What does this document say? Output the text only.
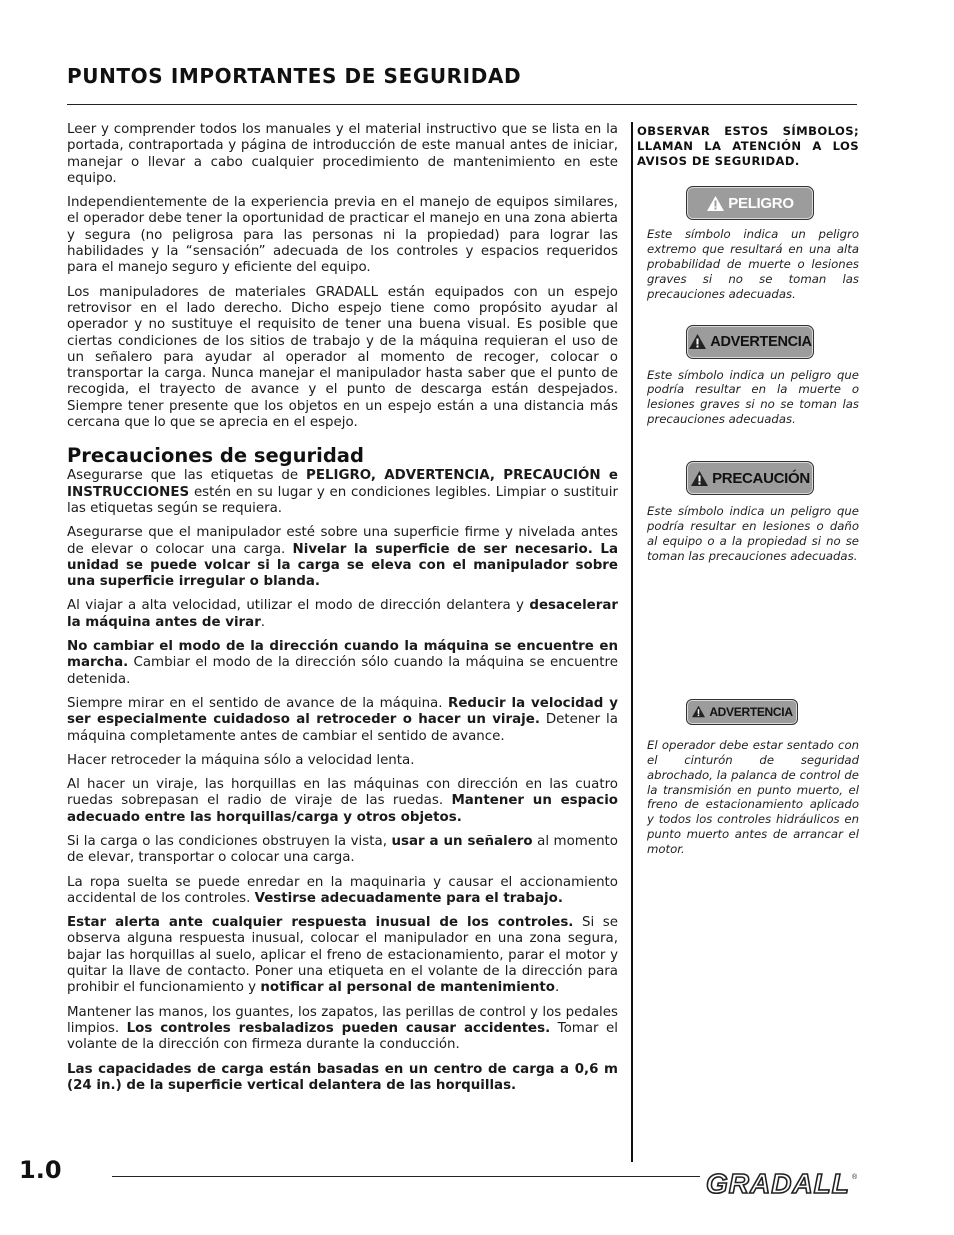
PUNTOS IMPORTANTES DE SEGURIDAD

Leer y comprender todos los manuales y el material instructivo que se lista en la portada, contraportada y página de introducción de este manual antes de iniciar, manejar o llevar a cabo cualquier procedimiento de mantenimiento en este equipo.

Independientemente de la experiencia previa en el manejo de equipos similares, el operador debe tener la oportunidad de practicar el manejo en una zona abierta y segura (no peligrosa para las personas ni la propiedad) para lograr las habilidades y la “sensación” adecuada de los controles y espacios requeridos para el manejo seguro y eficiente del equipo.

Los manipuladores de materiales GRADALL están equipados con un espejo retrovisor en el lado derecho. Dicho espejo tiene como propósito ayudar al operador y no sustituye el requisito de tener una buena visual. Es posible que ciertas condiciones de los sitios de trabajo y de la máquina requieran el uso de un señalero para ayudar al operador al momento de recoger, colocar o transportar la carga. Nunca manejar el manipulador hasta saber que el punto de recogida, el trayecto de avance y el punto de descarga están despejados. Siempre tener presente que los objetos en un espejo están a una distancia más cercana que lo que se aprecia en el espejo.

Precauciones de seguridad

Asegurarse que las etiquetas de PELIGRO, ADVERTENCIA, PRECAUCIÓN e INSTRUCCIONES estén en su lugar y en condiciones legibles. Limpiar o sustituir las etiquetas según se requiera.

Asegurarse que el manipulador esté sobre una superficie firme y nivelada antes de elevar o colocar una carga. Nivelar la superficie de ser necesario. La unidad se puede volcar si la carga se eleva con el manipulador sobre una superficie irregular o blanda.

Al viajar a alta velocidad, utilizar el modo de dirección delantera y desacelerar la máquina antes de virar.

No cambiar el modo de la dirección cuando la máquina se encuentre en marcha. Cambiar el modo de la dirección sólo cuando la máquina se encuentre detenida.

Siempre mirar en el sentido de avance de la máquina. Reducir la velocidad y ser especialmente cuidadoso al retroceder o hacer un viraje. Detener la máquina completamente antes de cambiar el sentido de avance.

Hacer retroceder la máquina sólo a velocidad lenta.

Al hacer un viraje, las horquillas en las máquinas con dirección en las cuatro ruedas sobrepasan el radio de viraje de las ruedas. Mantener un espacio adecuado entre las horquillas/carga y otros objetos.

Si la carga o las condiciones obstruyen la vista, usar a un señalero al momento de elevar, transportar o colocar una carga.

La ropa suelta se puede enredar en la maquinaria y causar el accionamiento accidental de los controles. Vestirse adecuadamente para el trabajo.

Estar alerta ante cualquier respuesta inusual de los controles. Si se observa alguna respuesta inusual, colocar el manipulador en una zona segura, bajar las horquillas al suelo, aplicar el freno de estacionamiento, parar el motor y quitar la llave de contacto. Poner una etiqueta en el volante de la dirección para prohibir el funcionamiento y notificar al personal de mantenimiento.

Mantener las manos, los guantes, los zapatos, las perillas de control y los pedales limpios. Los controles resbaladizos pueden causar accidentes. Tomar el volante de la dirección con firmeza durante la conducción.

Las capacidades de carga están basadas en un centro de carga a 0,6 m (24 in.) de la superficie vertical delantera de las horquillas.

OBSERVAR ESTOS SÍMBOLOS; LLAMAN LA ATENCIÓN A LOS AVISOS DE SEGURIDAD.

PELIGRO

Este símbolo indica un peligro extremo que resultará en una alta probabilidad de muerte o lesiones graves si no se toman las precauciones adecuadas.

ADVERTENCIA

Este símbolo indica un peligro que podría resultar en la muerte o lesiones graves si no se toman las precauciones adecuadas.

PRECAUCIÓN

Este símbolo indica un peligro que podría resultar en lesiones o daño al equipo o a la propiedad si no se toman las precauciones adecuadas.

ADVERTENCIA

El operador debe estar sentado con el cinturón de seguridad abrochado, la palanca de control de la transmisión en punto muerto, el freno de estacionamiento aplicado y todos los controles hidráulicos en punto muerto antes de arrancar el motor.

1.0	GRADALL ®
